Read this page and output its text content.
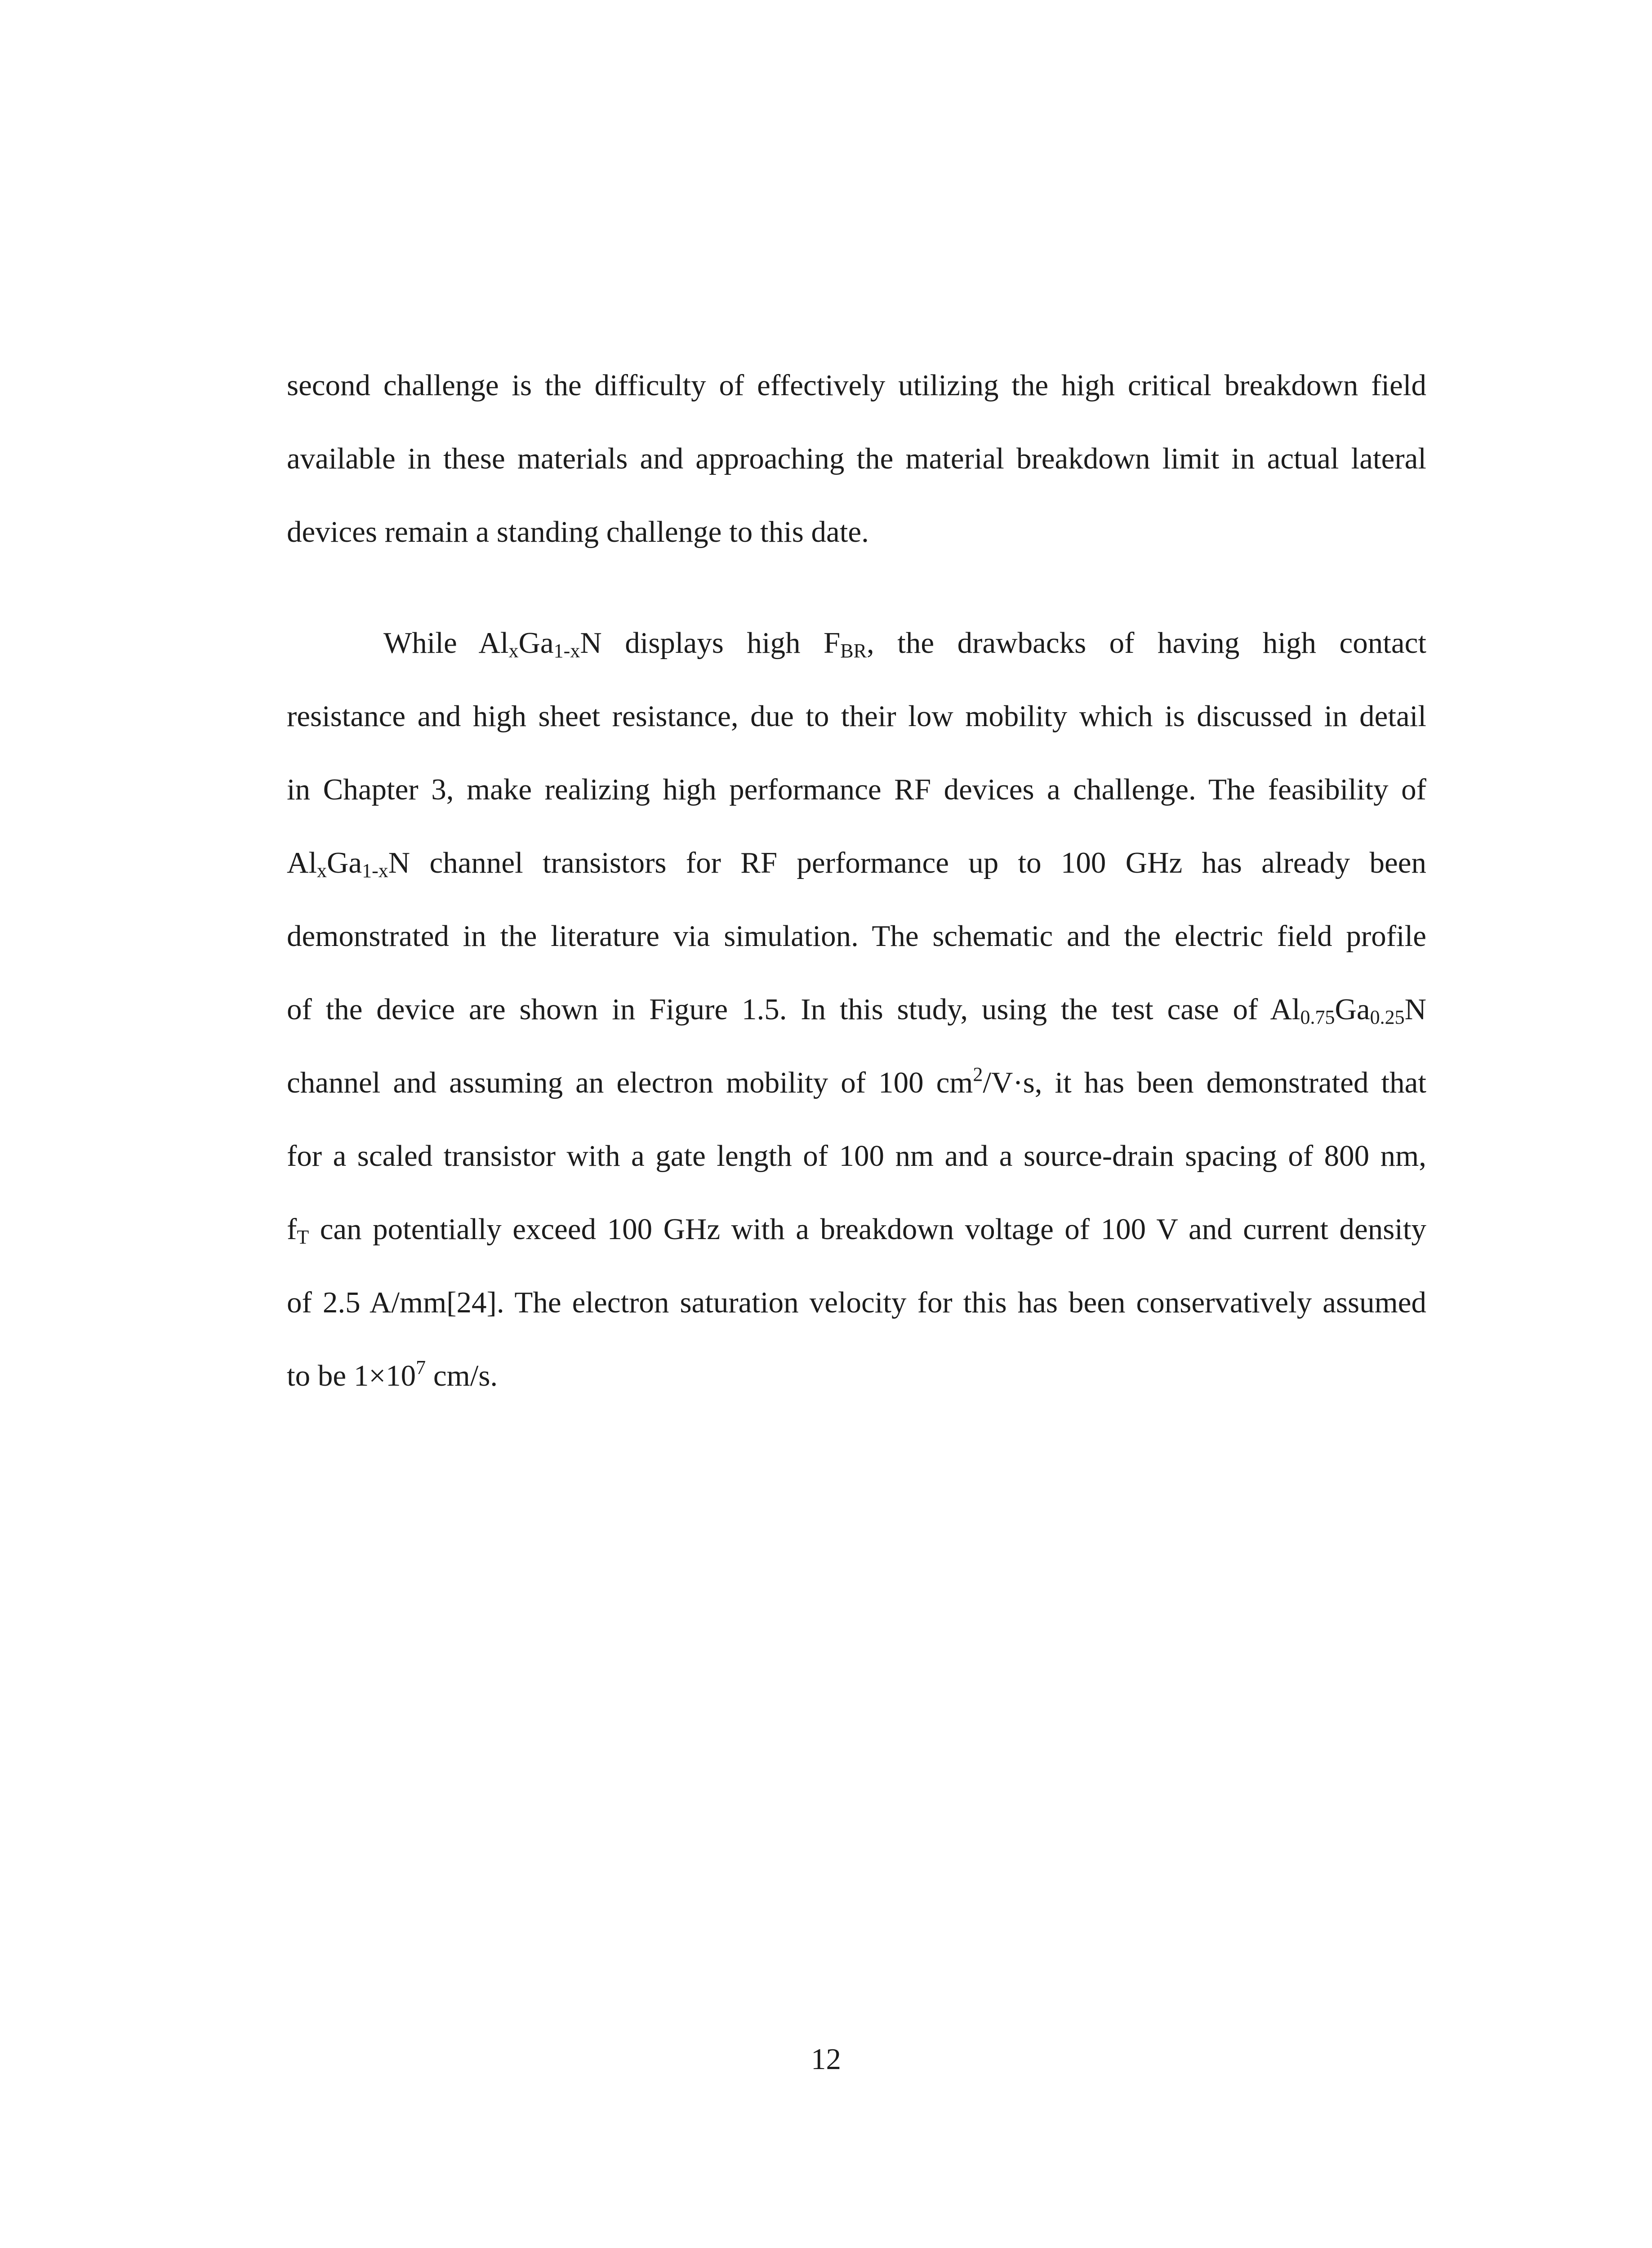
second challenge is the difficulty of effectively utilizing the high critical breakdown field
available in these materials and approaching the material breakdown limit in actual lateral
devices remain a standing challenge to this date.
While $Al_xGa_{1-x}N$ displays high $F_{BR}$, the drawbacks of having high contact
resistance and high sheet resistance, due to their low mobility which is discussed in detail
in Chapter 3, make realizing high performance RF devices a challenge. The feasibility of
$Al_xGa_{1-x}N$ channel transistors for RF performance up to 100 GHz has already been
demonstrated in the literature via simulation. The schematic and the electric field profile
of the device are shown in Figure 1.5. In this study, using the test case of $Al_{0.75}Ga_{0.25}N$
channel and assuming an electron mobility of 100 $cm^2/V\cdot s$, it has been demonstrated that
for a scaled transistor with a gate length of 100 nm and a source-drain spacing of 800 nm,
$f_T$ can potentially exceed 100 GHz with a breakdown voltage of 100 V and current density
of 2.5 A/mm[24]. The electron saturation velocity for this has been conservatively assumed
to be $1\times 10^7$ cm/s.
12
